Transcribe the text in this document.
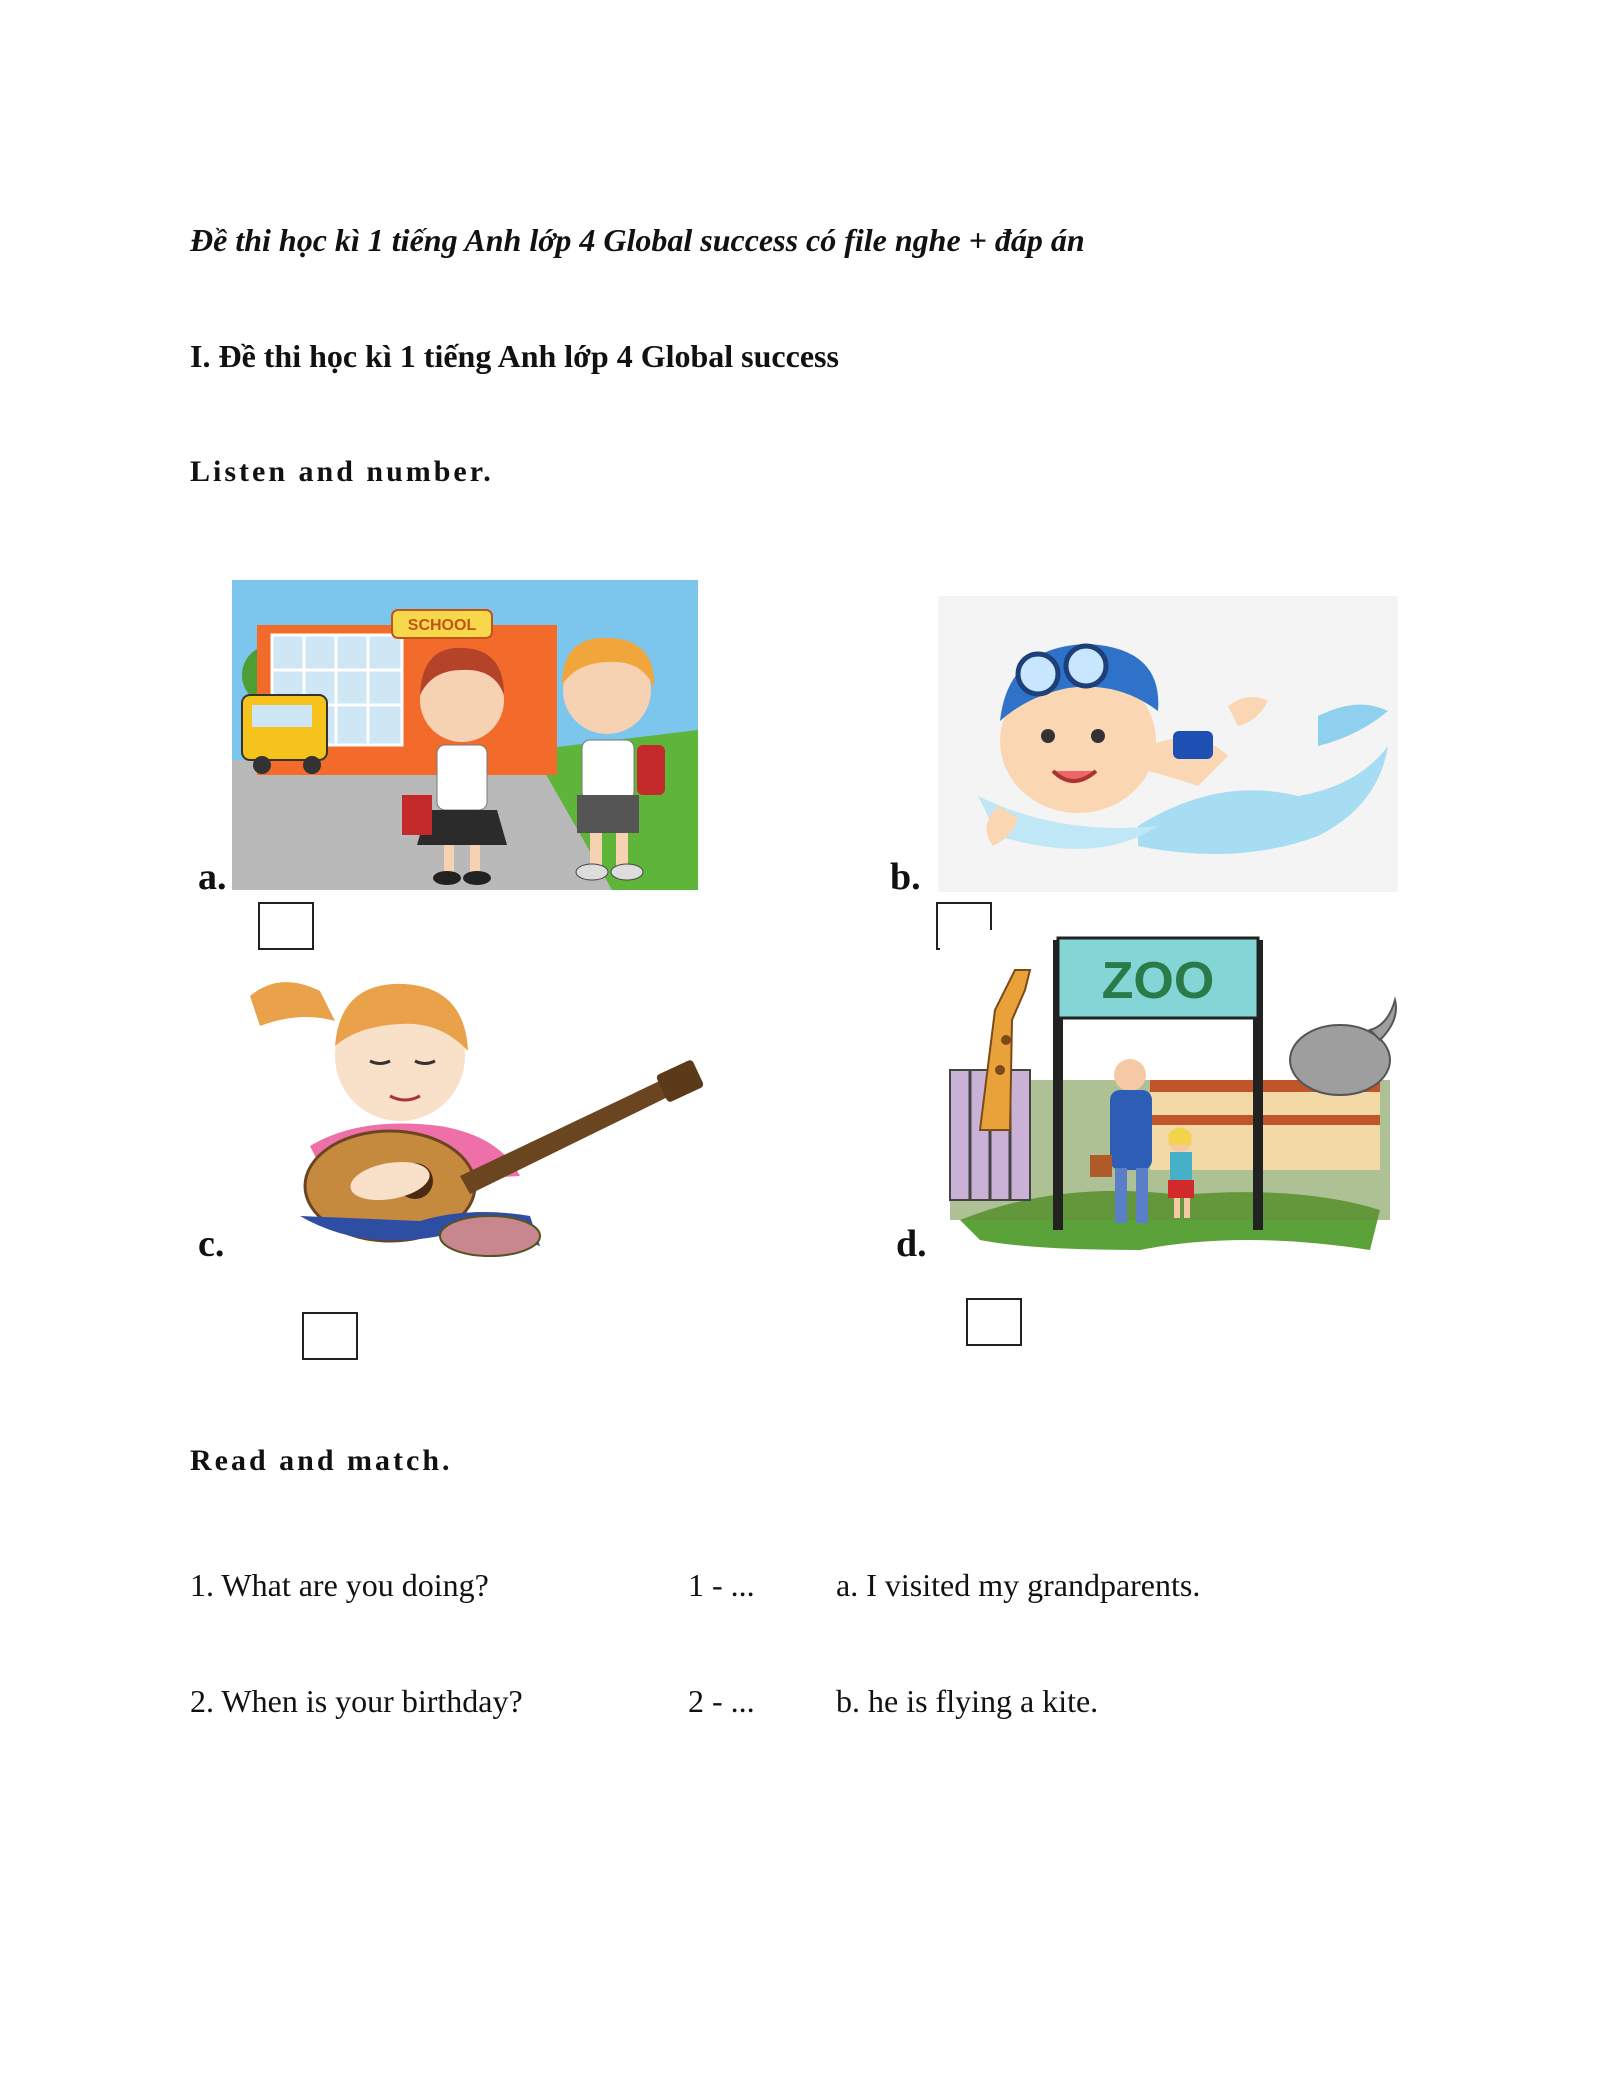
Đề thi học kì 1 tiếng Anh lớp 4 Global success có file nghe + đáp án
I. Đề thi học kì 1 tiếng Anh lớp 4 Global success
Listen and number.
SCHOOL
a.	b.
c.
ZOO
d.
Read and match.
1. What are you doing?	1 - ...	a. I visited my grandparents.
2. When is your birthday?	2 - ...	b. he is flying a kite.
